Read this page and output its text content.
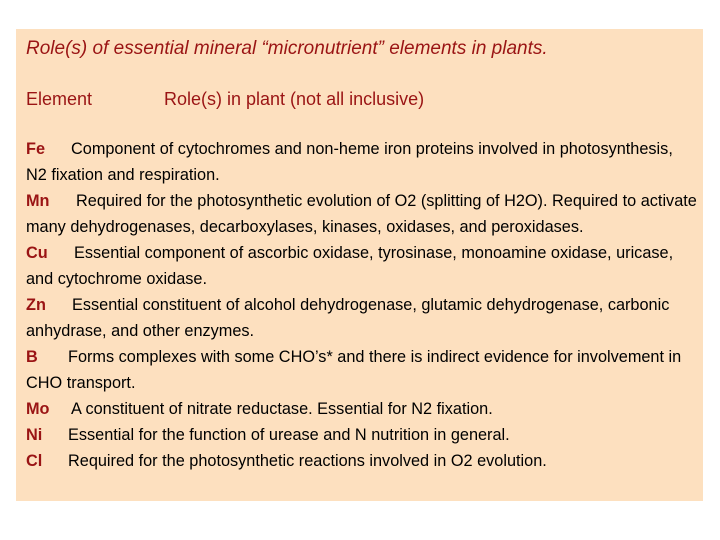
Role(s) of essential mineral “micronutrient” elements in plants.
Element	Role(s) in plant (not all inclusive)

Fe Component of cytochromes and non-heme iron proteins involved in photosynthesis, N2 fixation and respiration.

Mn Required for the photosynthetic evolution of O2 (splitting of H2O). Required to activate many dehydrogenases, decarboxylases, kinases, oxidases, and peroxidases.

Cu Essential component of ascorbic oxidase, tyrosinase, monoamine oxidase, uricase, and cytochrome oxidase.

Zn Essential constituent of alcohol dehydrogenase, glutamic dehydrogenase, carbonic anhydrase, and other enzymes.

B Forms complexes with some CHO’s* and there is indirect evidence for involvement in CHO transport.

Mo A constituent of nitrate reductase. Essential for N2 fixation.

Ni Essential for the function of urease and N nutrition in general.

Cl Required for the photosynthetic reactions involved in O2 evolution.
